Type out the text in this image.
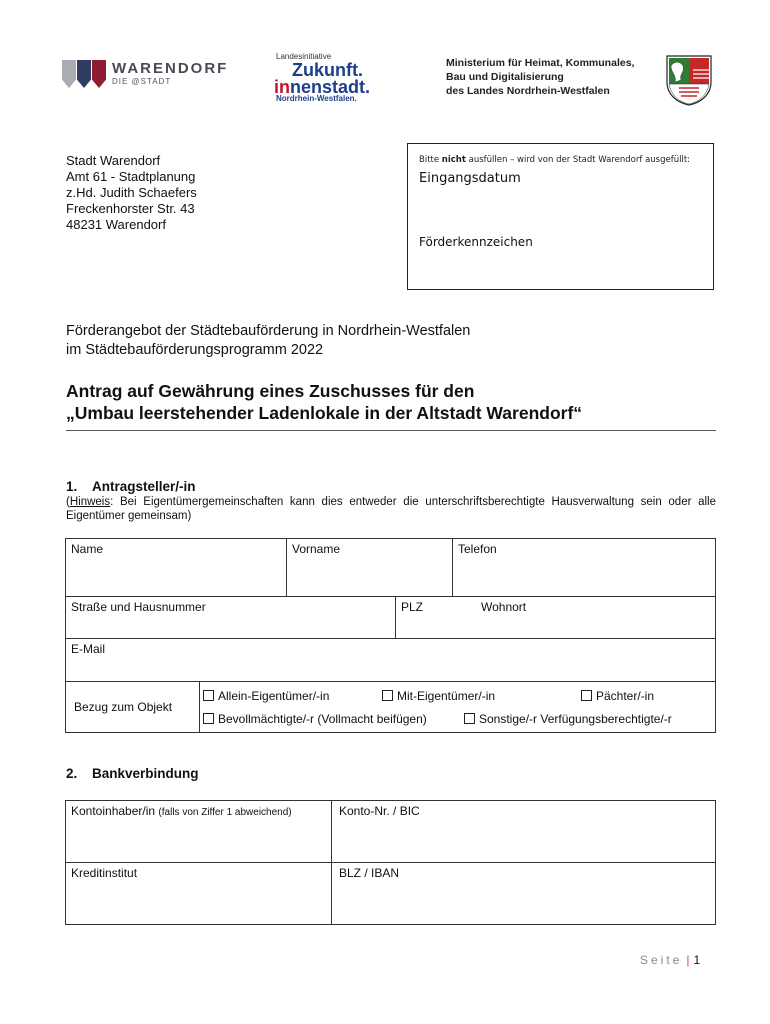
WARENDORF
DIE @STADT
Landesinitiative
Zukunft.
innenstadt.
Nordrhein-Westfalen.
Ministerium für Heimat, Kommunales,
Bau und Digitalisierung
des Landes Nordrhein-Westfalen
Stadt Warendorf
Amt 61 - Stadtplanung
z.Hd. Judith Schaefers
Freckenhorster Str. 43
48231 Warendorf
Bitte nicht ausfüllen – wird von der Stadt Warendorf ausgefüllt:
Eingangsdatum
Förderkennzeichen
Förderangebot der Städtebauförderung in Nordrhein-Westfalen
im Städtebauförderungsprogramm 2022
Antrag auf Gewährung eines Zuschusses für den
„Umbau leerstehender Ladenlokale in der Altstadt Warendorf“
1. Antragsteller/-in
(Hinweis: Bei Eigentümergemeinschaften kann dies entweder die unterschriftsberechtigte Hausverwaltung sein oder alle Eigentümer gemeinsam)
Name	Vorname	Telefon
Straße und Hausnummer	PLZ	Wohnort
E-Mail
Bezug zum Objekt
Allein-Eigentümer/-in	Mit-Eigentümer/-in	Pächter/-in
Bevollmächtigte/-r (Vollmacht beifügen)	Sonstige/-r Verfügungsberechtigte/-r
2. Bankverbindung
Kontoinhaber/in (falls von Ziffer 1 abweichend)	Konto-Nr. / BIC
Kreditinstitut	BLZ / IBAN
Seite | 1
